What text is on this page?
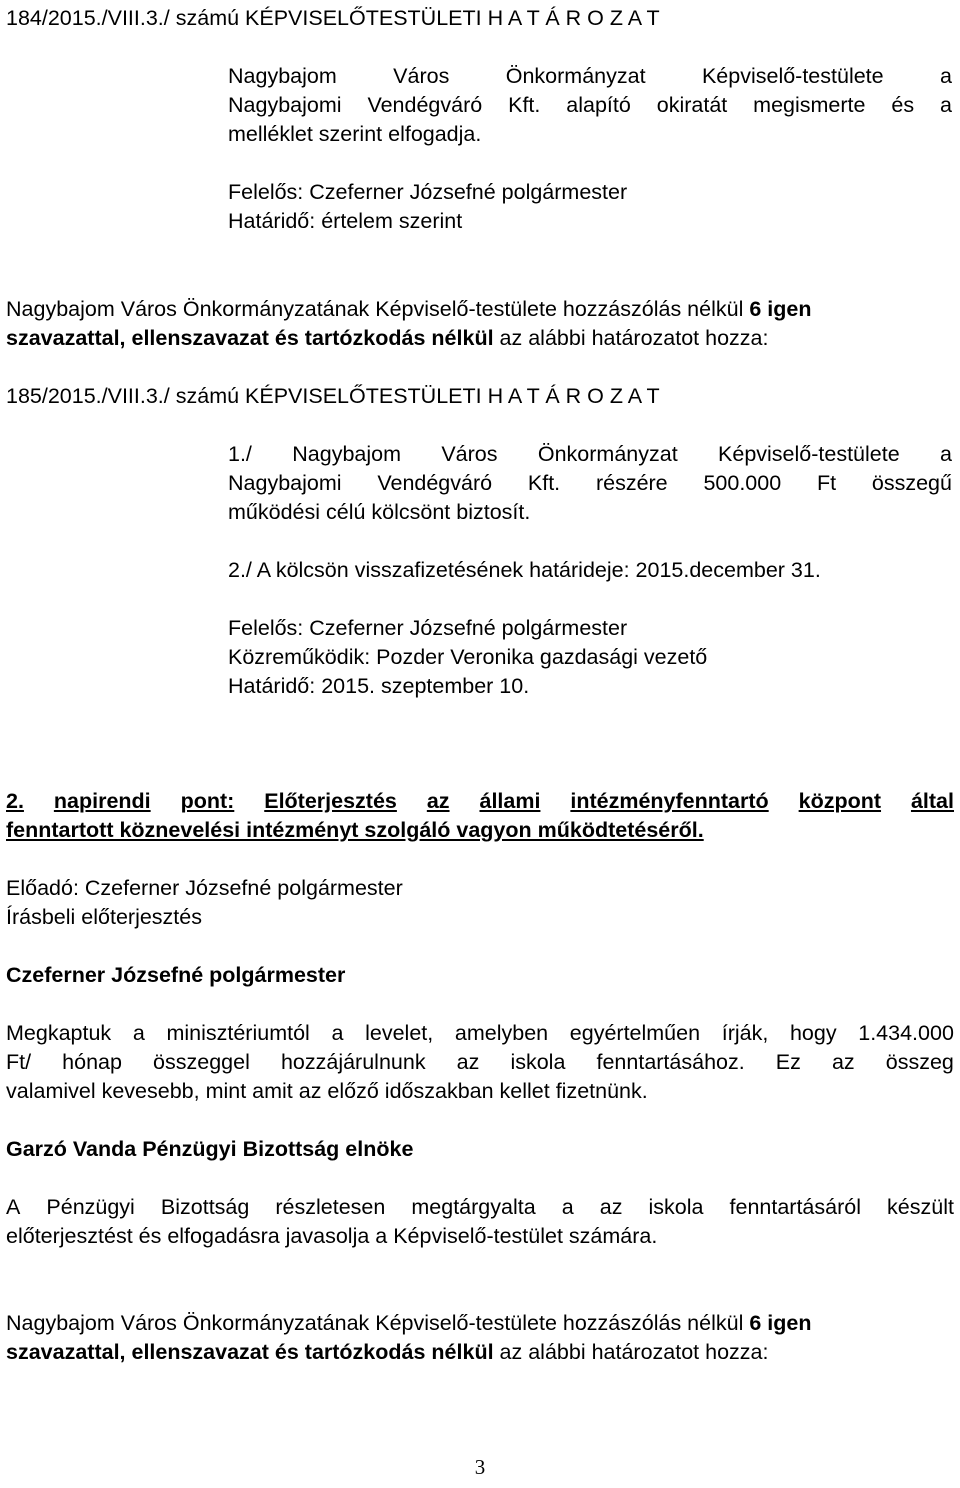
184/2015./VIII.3./ számú KÉPVISELŐTESTÜLETI H A T Á R O Z A T
Nagybajom	Város	Önkormányzat	Képviselő-testülete	a
Nagybajomi Vendégváró Kft. alapító okiratát megismerte és a
melléklet szerint elfogadja.
Felelős: Czeferner Józsefné polgármester
Határidő: értelem szerint
Nagybajom Város Önkormányzatának Képviselő-testülete hozzászólás nélkül 6 igen
szavazattal, ellenszavazat és tartózkodás nélkül az alábbi határozatot hozza:
185/2015./VIII.3./ számú KÉPVISELŐTESTÜLETI H A T Á R O Z A T
1./ Nagybajom Város Önkormányzat Képviselő-testülete a
Nagybajomi Vendégváró Kft. részére 500.000 Ft összegű
működési célú kölcsönt biztosít.
2./ A kölcsön visszafizetésének határideje: 2015.december 31.
Felelős: Czeferner Józsefné polgármester
Közreműködik: Pozder Veronika gazdasági vezető
Határidő: 2015. szeptember 10.
2. napirendi pont: Előterjesztés az állami intézményfenntartó központ által
fenntartott köznevelési intézményt szolgáló vagyon működtetéséről.
Előadó: Czeferner Józsefné polgármester
Írásbeli előterjesztés
Czeferner Józsefné polgármester
Megkaptuk a minisztériumtól a levelet, amelyben egyértelműen írják, hogy 1.434.000
Ft/ hónap összeggel hozzájárulnunk az iskola fenntartásához. Ez az összeg
valamivel kevesebb, mint amit az előző időszakban kellet fizetnünk.
Garzó Vanda Pénzügyi Bizottság elnöke
A Pénzügyi Bizottság részletesen megtárgyalta a az iskola fenntartásáról készült
előterjesztést és elfogadásra javasolja a Képviselő-testület számára.
Nagybajom Város Önkormányzatának Képviselő-testülete hozzászólás nélkül 6 igen
szavazattal, ellenszavazat és tartózkodás nélkül az alábbi határozatot hozza:
3
